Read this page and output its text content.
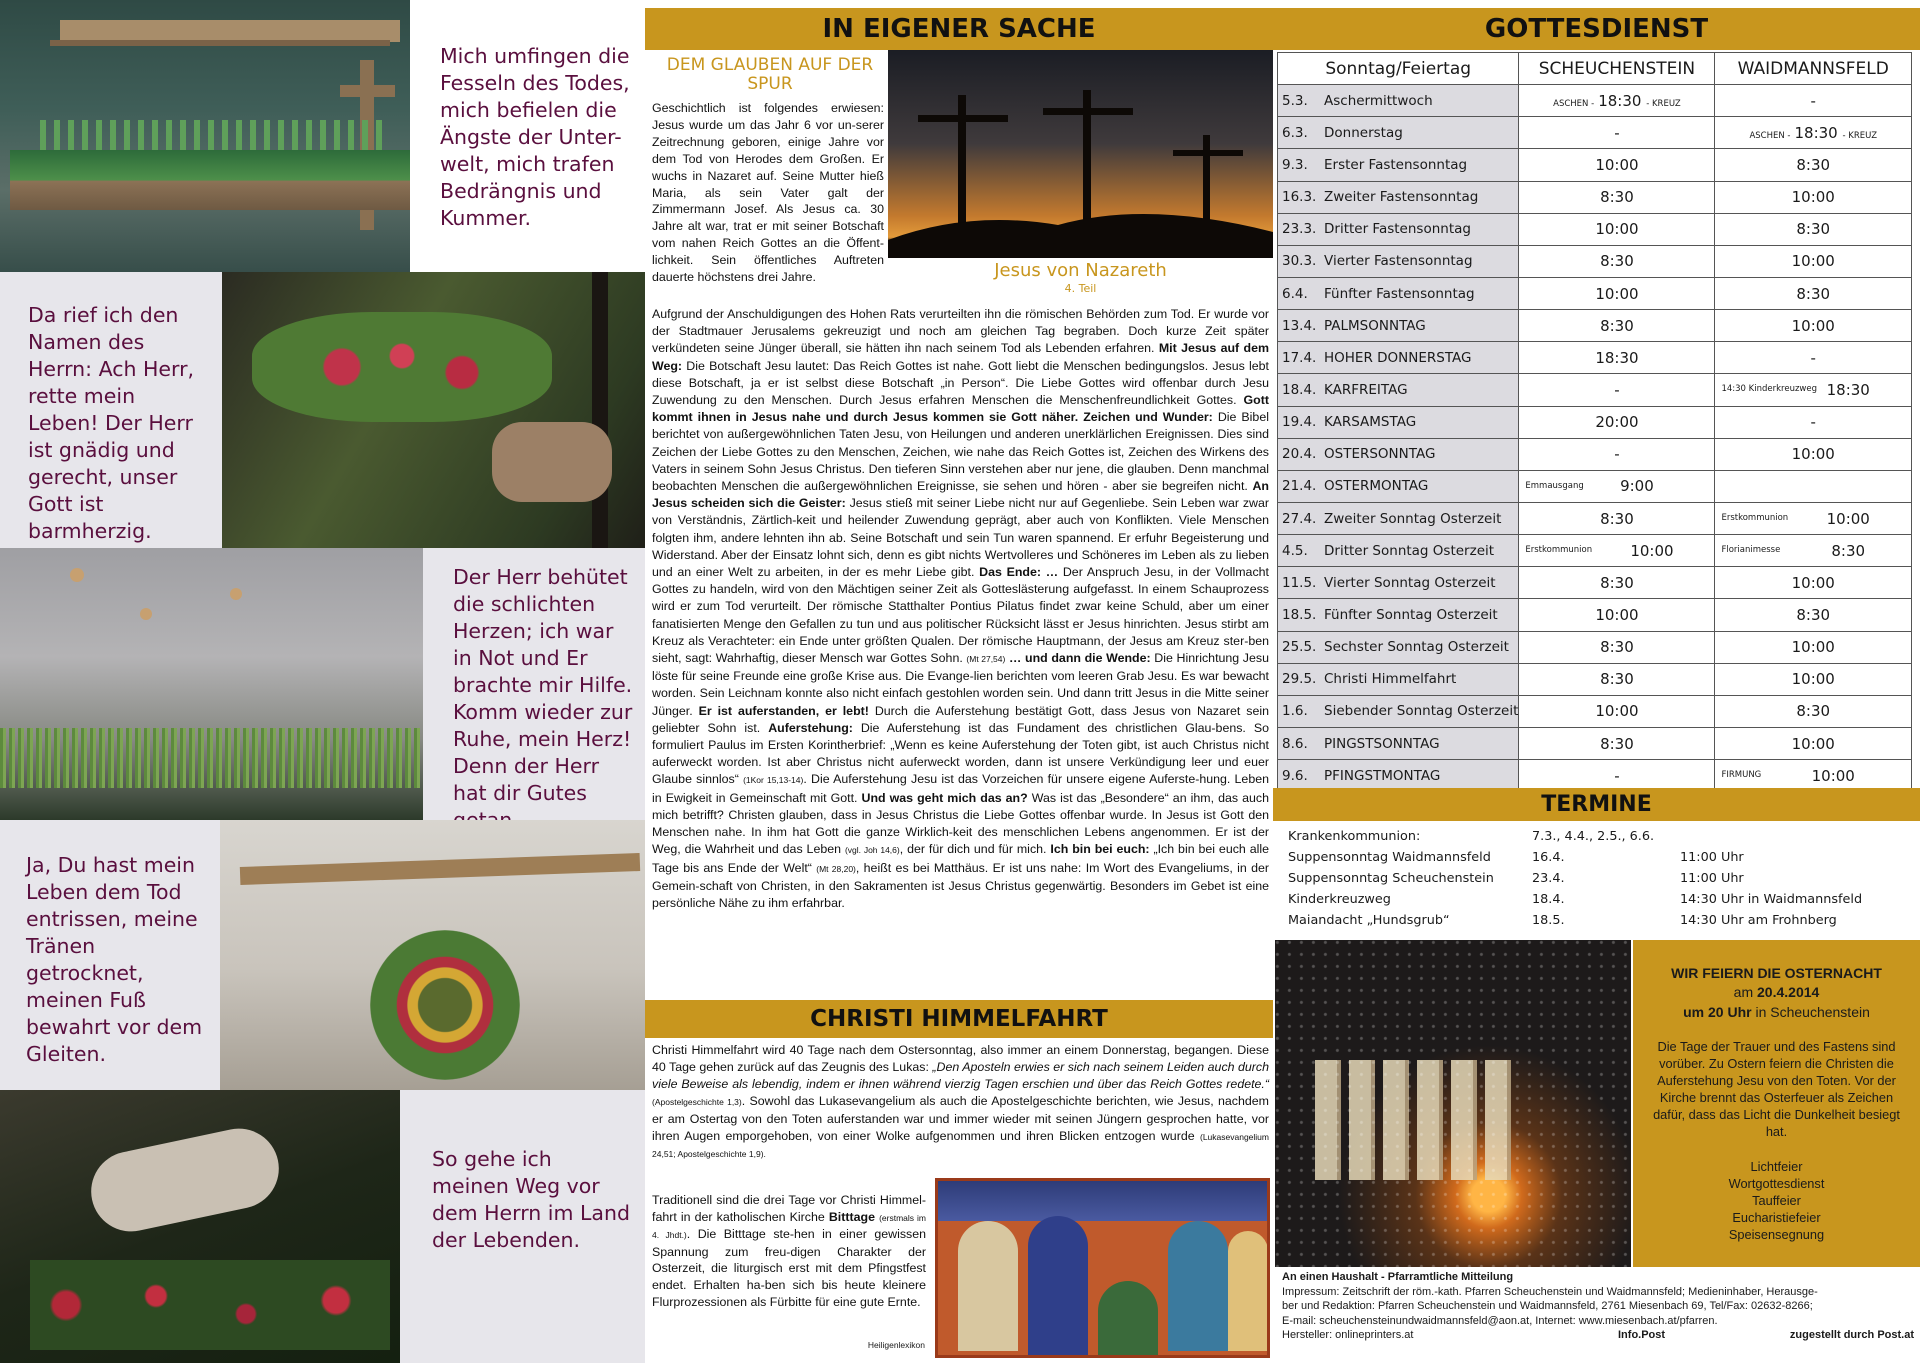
Mich umfingen die Fesseln des Todes, mich befielen die Ängste der Unter-welt, mich trafen Bedrängnis und Kummer.
Da rief ich den Namen des Herrn: Ach Herr, rette mein Leben! Der Herr ist gnädig und gerecht, unser Gott ist barmherzig.
Der Herr behütet die schlichten Herzen; ich war in Not und Er brachte mir Hilfe. Komm wieder zur Ruhe, mein Herz! Denn der Herr hat dir Gutes
Ja, Du hast mein Leben dem Tod entrissen, meine Tränen getrocknet, meinen Fuß bewahrt vor dem Gleiten.
So gehe ich meinen Weg vor dem Herrn im Land der Lebenden.
IN EIGENER SACHE
DEM GLAUBEN AUF DER SPUR
Jesus von Nazareth
4. Teil
Geschichtlich ist folgendes erwiesen: Jesus wurde um das Jahr 6 vor un-serer Zeitrechnung geboren, einige Jahre vor dem Tod von Herodes dem Großen. Er wuchs in Nazaret auf. Seine Mutter hieß Maria, als sein Vater galt der Zimmermann Josef. Als Jesus ca. 30 Jahre alt war, trat er mit seiner Botschaft vom nahen Reich Gottes an die Öffent-lichkeit. Sein öffentliches Auftreten dauerte höchstens drei Jahre.
Aufgrund der Anschuldigungen des Hohen Rats verurteilten ihn die römischen Behörden zum Tod. Er wurde vor der Stadtmauer Jerusalems gekreuzigt und noch am gleichen Tag begraben. Doch kurze Zeit später verkündeten seine Jünger überall, sie hätten ihn nach seinem Tod als Lebenden erfahren. Mit Jesus auf dem Weg: Die Botschaft Jesu lautet: Das Reich Gottes ist nahe. Gott liebt die Menschen bedingungslos. Jesus lebt diese Botschaft, ja er ist selbst diese Botschaft „in Person“. Die Liebe Gottes wird offenbar durch Jesu Zuwendung zu den Menschen. Durch Jesus erfahren Menschen die Menschenfreundlichkeit Gottes. Gott kommt ihnen in Jesus nahe und durch Jesus kommen sie Gott näher. Zeichen und Wunder: Die Bibel berichtet von außergewöhnlichen Taten Jesu, von Heilungen und anderen unerklärlichen Ereignissen. Dies sind Zeichen der Liebe Gottes zu den Menschen, Zeichen, wie nahe das Reich Gottes ist, Zeichen des Wirkens des Vaters in seinem Sohn Jesus Christus. Den tieferen Sinn verstehen aber nur jene, die glauben. Denn manchmal beobachten Menschen die außergewöhnlichen Ereignisse, sie sehen und hören - aber sie begreifen nicht. An Jesus scheiden sich die Geister: Jesus stieß mit seiner Liebe nicht nur auf Gegenliebe. Sein Leben war zwar von Verständnis, Zärtlich-keit und heilender Zuwendung geprägt, aber auch von Konflikten. Viele Menschen folgten ihm, andere lehnten ihn ab. Seine Botschaft und sein Tun waren spannend. Er erfuhr Begeisterung und Widerstand. Aber der Einsatz lohnt sich, denn es gibt nichts Wertvolleres und Schöneres im Leben als zu lieben und an einer Welt zu arbeiten, in der es mehr Liebe gibt. Das Ende: … Der Anspruch Jesu, in der Vollmacht Gottes zu handeln, wird von den Mächtigen seiner Zeit als Gotteslästerung aufgefasst. In einem Schauprozess wird er zum Tod verurteilt. Der römische Statthalter Pontius Pilatus findet zwar keine Schuld, aber um einer fanatisierten Menge den Gefallen zu tun und aus politischer Rücksicht lässt er Jesus hinrichten. Jesus stirbt am Kreuz als Verachteter: ein Ende unter größten Qualen. Der römische Hauptmann, der Jesus am Kreuz ster-ben sieht, sagt: Wahrhaftig, dieser Mensch war Gottes Sohn. (Mt 27,54) … und dann die Wende: Die Hinrichtung Jesu löste für seine Freunde eine große Krise aus. Die Evange-lien berichten vom leeren Grab Jesu. Es war bewacht worden. Sein Leichnam konnte also nicht einfach gestohlen worden sein. Und dann tritt Jesus in die Mitte seiner Jünger. Er ist auferstanden, er lebt! Durch die Auferstehung bestätigt Gott, dass Jesus von Nazaret sein geliebter Sohn ist. Auferstehung: Die Auferstehung ist das Fundament des christlichen Glau-bens. So formuliert Paulus im Ersten Korintherbrief: „Wenn es keine Auferstehung der Toten gibt, ist auch Christus nicht auferweckt worden. Ist aber Christus nicht auferweckt worden, dann ist unsere Verkündigung leer und euer Glaube sinnlos“ (1Kor 15,13-14). Die Auferstehung Jesu ist das Vorzeichen für unsere eigene Auferste-hung. Leben in Ewigkeit in Gemeinschaft mit Gott. Und was geht mich das an? Was ist das „Besondere“ an ihm, das auch mich betrifft? Christen glauben, dass in Jesus Christus die Liebe Gottes offenbar wurde. In Jesus ist Gott den Menschen nahe. In ihm hat Gott die ganze Wirklich-keit des menschlichen Lebens angenommen. Er ist der Weg, die Wahrheit und das Leben (vgl. Joh 14,6), der für dich und für mich. Ich bin bei euch: „Ich bin bei euch alle Tage bis ans Ende der Welt“ (Mt 28,20), heißt es bei Matthäus. Er ist uns nahe: Im Wort des Evangeliums, in der Gemein-schaft von Christen, in den Sakramenten ist Jesus Christus gegenwärtig. Besonders im Gebet ist eine persönliche Nähe zu ihm erfahrbar.
CHRISTI HIMMELFAHRT
Christi Himmelfahrt wird 40 Tage nach dem Ostersonntag, also immer an einem Donnerstag, begangen. Diese 40 Tage gehen zurück auf das Zeugnis des Lukas: „Den Aposteln erwies er sich nach seinem Leiden auch durch viele Beweise als lebendig, indem er ihnen während vierzig Tagen erschien und über das Reich Gottes redete.“ (Apostelgeschichte 1,3). Sowohl das Lukasevangelium als auch die Apostelgeschichte berichten, wie Jesus, nachdem er am Ostertag von den Toten auferstanden war und immer wieder mit seinen Jüngern gesprochen hatte, vor ihren Augen emporgehoben, von einer Wolke aufgenommen und ihren Blicken entzogen wurde (Lukasevangelium 24,51; Apostelgeschichte 1,9).
Traditionell sind die drei Tage vor Christi Himmel-fahrt in der katholischen Kirche Bitttage (erstmals im 4. Jhdt.). Die Bitttage ste-hen in einer gewissen Spannung zum freu-digen Charakter der Osterzeit, die liturgisch erst mit dem Pfingstfest endet. Erhalten ha-ben sich bis heute kleinere Flurprozessionen als Fürbitte für eine gute Ernte.
Heiligenlexikon
GOTTESDIENST
Sonntag/Feiertag	SCHEUCHENSTEIN	WAIDMANNSFELD
5.3. Aschermittwoch	ASCHEN - 18:30 - KREUZ	-
6.3. Donnerstag	-	ASCHEN - 18:30 - KREUZ
9.3. Erster Fastensonntag	10:00	8:30
16.3. Zweiter Fastensonntag	8:30	10:00
23.3. Dritter Fastensonntag	10:00	8:30
30.3. Vierter Fastensonntag	8:30	10:00
6.4. Fünfter Fastensonntag	10:00	8:30
13.4. PALMSONNTAG	8:30	10:00
17.4. HOHER DONNERSTAG	18:30	-
18.4. KARFREITAG	-	14:30 Kinderkreuzweg 18:30
19.4. KARSAMSTAG	20:00	-
20.4. OSTERSONNTAG	-	10:00
21.4. OSTERMONTAG	Emmausgang 9:00	

27.4. Zweiter Sonntag Osterzeit	8:30	Erstkommunion 10:00
4.5. Dritter Sonntag Osterzeit	Erstkommunion 10:00	Florianimesse 8:30
11.5. Vierter Sonntag Osterzeit	8:30	10:00
18.5. Fünfter Sonntag Osterzeit	10:00	8:30
25.5. Sechster Sonntag Osterzeit	8:30	10:00
29.5. Christi Himmelfahrt	8:30	10:00
1.6. Siebender Sonntag Osterzeit	10:00	8:30
8.6. PINGSTSONNTAG	8:30	10:00
9.6. PFINGSTMONTAG	-	FIRMUNG 10:00
TERMINE
Krankenkommunion:	7.3., 4.4., 2.5., 6.6.
Suppensonntag Waidmannsfeld	16.4.	11:00 Uhr
Suppensonntag Scheuchenstein	23.4.	11:00 Uhr
Kinderkreuzweg	18.4.	14:30 Uhr in Waidmannsfeld
Maiandacht „Hundsgrub“	18.5.	14:30 Uhr am Frohnberg
WIR FEIERN DIE OSTERNACHT
am 20.4.2014
um 20 Uhr in Scheuchenstein
Die Tage der Trauer und des Fastens sind vorüber. Zu Ostern feiern die Christen die Auferstehung Jesu von den Toten. Vor der Kirche brennt das Osterfeuer als Zeichen dafür, dass das Licht die Dunkelheit besiegt hat.
Lichtfeier
Wortgottesdienst
Tauffeier
Eucharistiefeier
Speisensegnung
An einen Haushalt - Pfarramtliche Mitteilung
Impressum: Zeitschrift der röm.-kath. Pfarren Scheuchenstein und Waidmannsfeld; Medieninhaber, Herausge-
ber und Redaktion: Pfarren Scheuchenstein und Waidmannsfeld, 2761 Miesenbach 69, Tel/Fax: 02632-8266;
E-mail: scheuchensteinundwaidmannsfeld@aon.at, Internet: www.miesenbach.at/pfarren.
Hersteller: onlineprinters.at	Info.Post	zugestellt durch Post.at
